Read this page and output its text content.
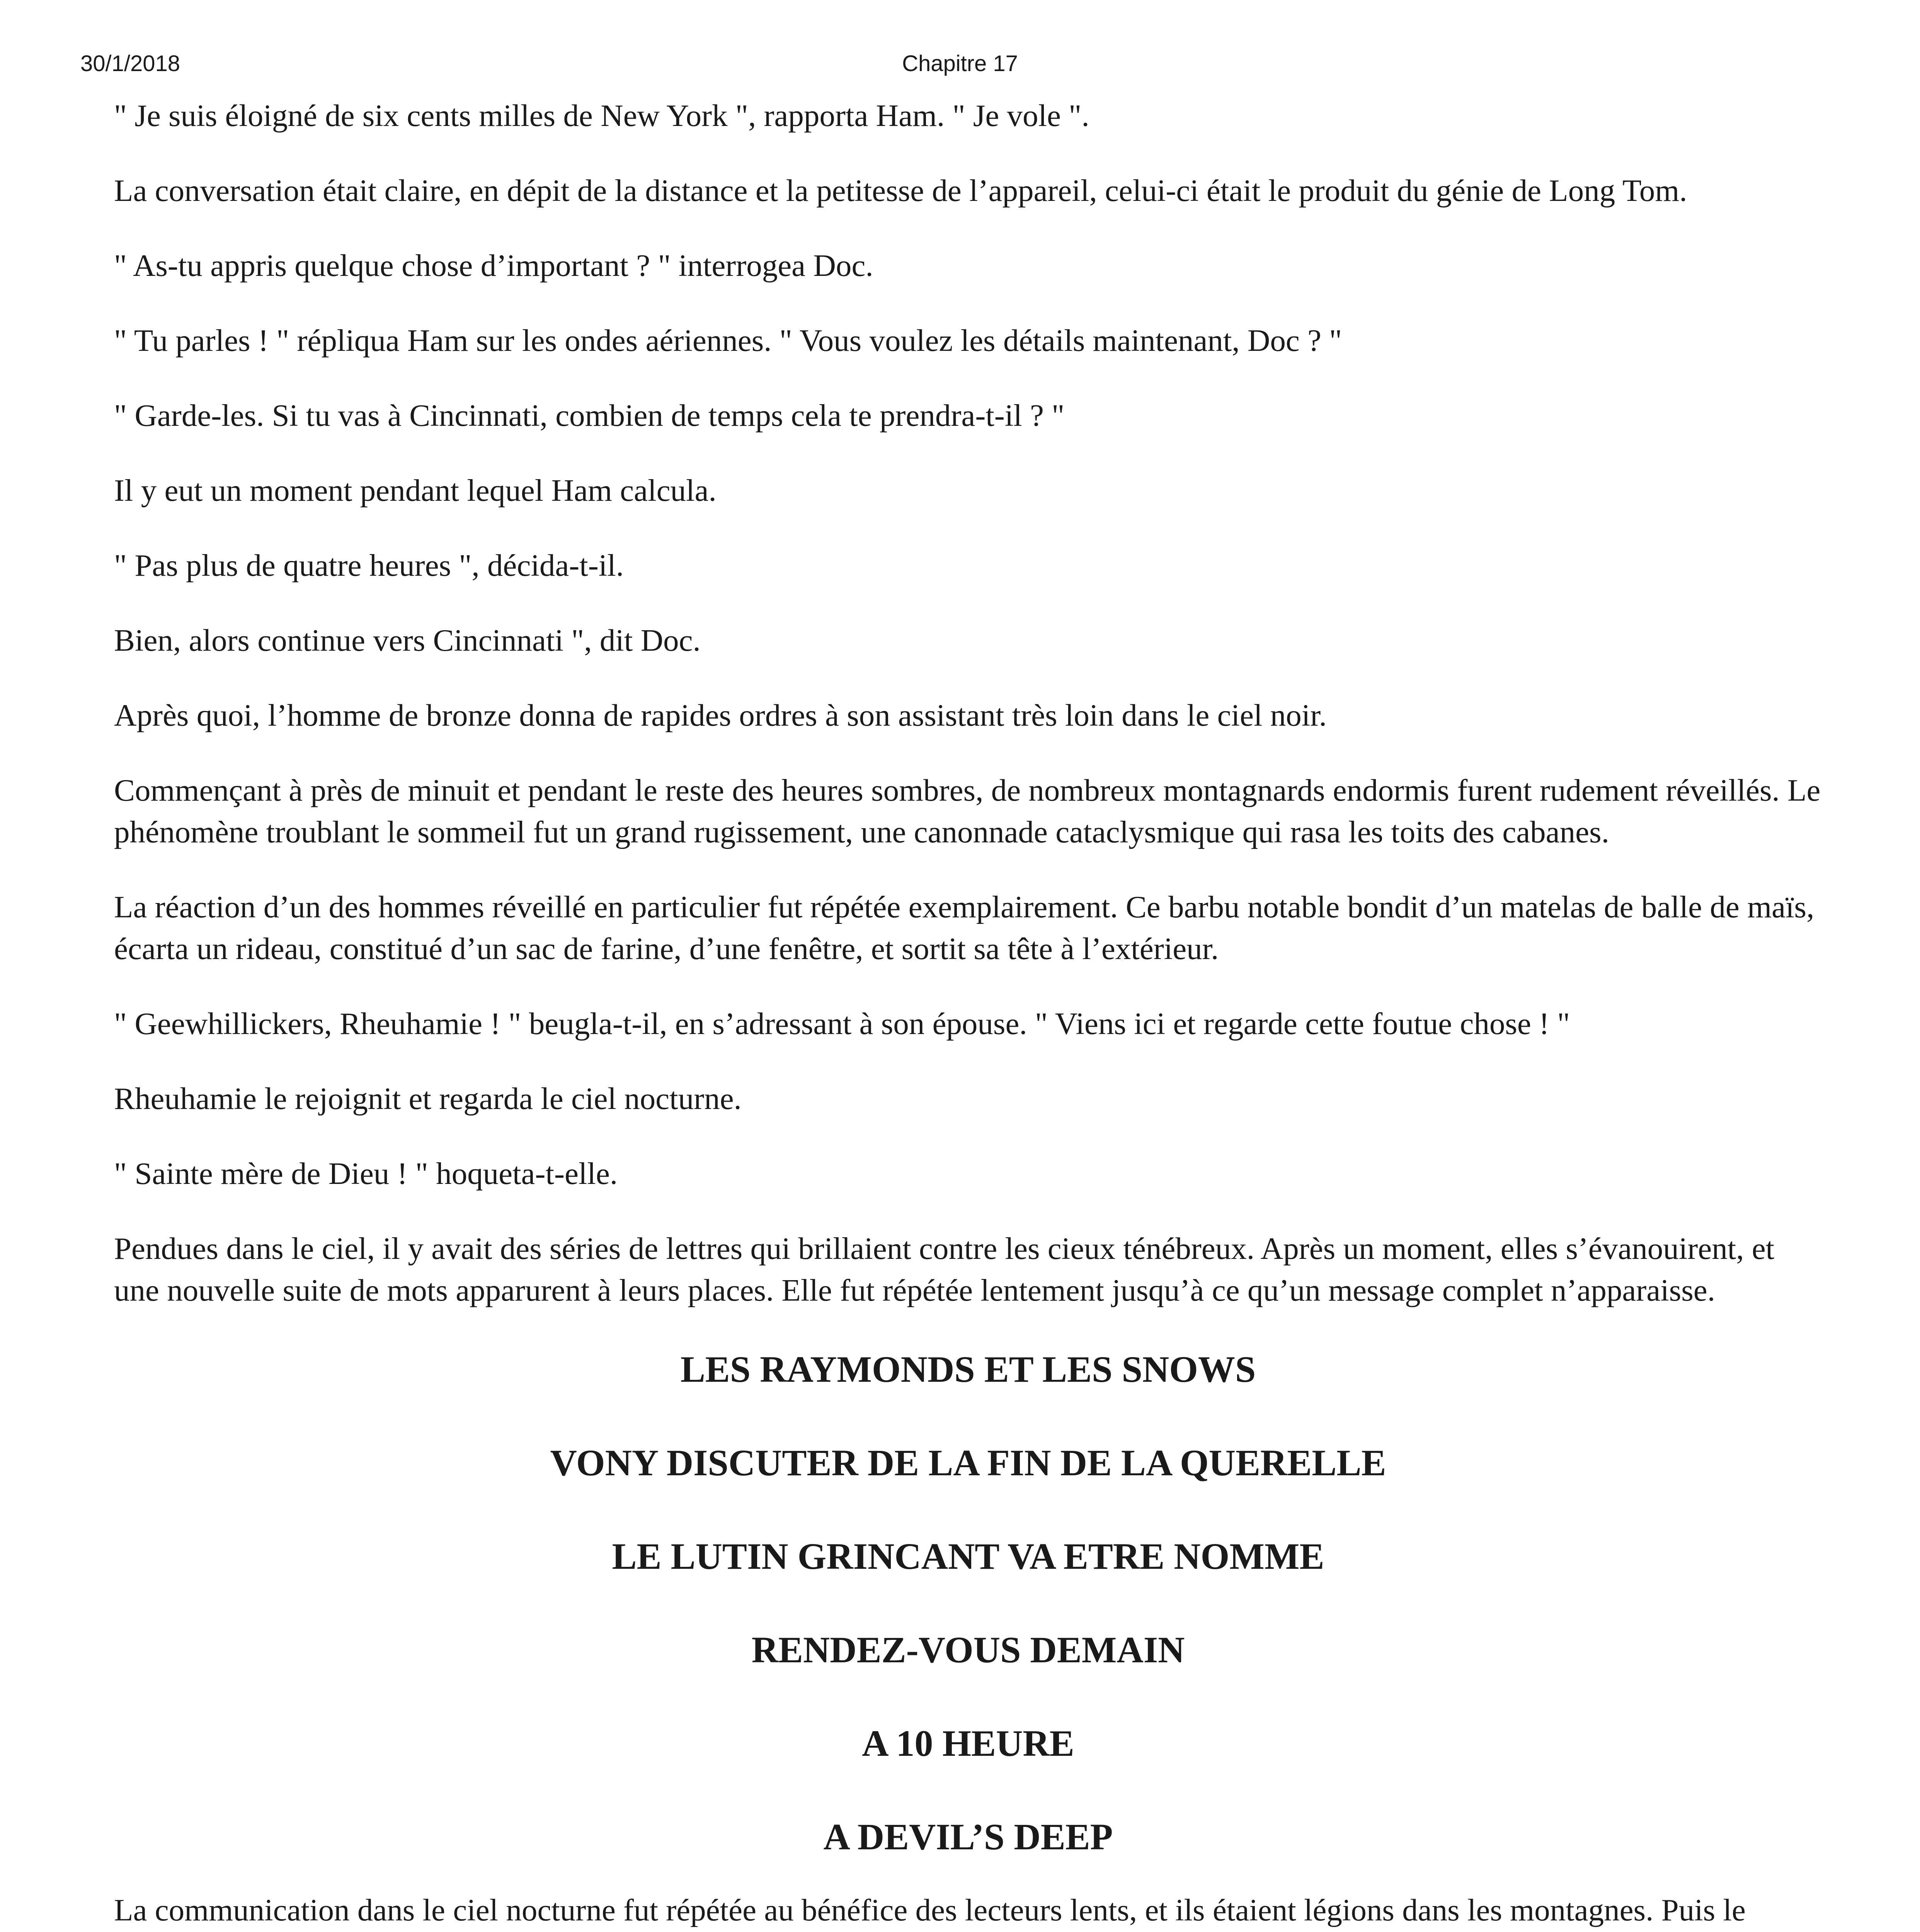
30/1/2018	Chapitre 17

" Je suis éloigné de six cents milles de New York ", rapporta Ham. " Je vole ".

La conversation était claire, en dépit de la distance et la petitesse de l’appareil, celui-ci était le produit du génie de Long Tom.

" As-tu appris quelque chose d’important ? " interrogea Doc.

" Tu parles ! " répliqua Ham sur les ondes aériennes. " Vous voulez les détails maintenant, Doc ? "

" Garde-les. Si tu vas à Cincinnati, combien de temps cela te prendra-t-il ? "

Il y eut un moment pendant lequel Ham calcula.

" Pas plus de quatre heures ", décida-t-il.

Bien, alors continue vers Cincinnati ", dit Doc.

Après quoi, l’homme de bronze donna de rapides ordres à son assistant très loin dans le ciel noir.

Commençant à près de minuit et pendant le reste des heures sombres, de nombreux montagnards endormis furent rudement réveillés. Le phénomène troublant le sommeil fut un grand rugissement, une canonnade cataclysmique qui rasa les toits des cabanes.

La réaction d’un des hommes réveillé en particulier fut répétée exemplairement. Ce barbu notable bondit d’un matelas de balle de maïs, écarta un rideau, constitué d’un sac de farine, d’une fenêtre, et sortit sa tête à l’extérieur.

" Geewhillickers, Rheuhamie ! " beugla-t-il, en s’adressant à son épouse. " Viens ici et regarde cette foutue chose ! "

Rheuhamie le rejoignit et regarda le ciel nocturne.

" Sainte mère de Dieu ! " hoqueta-t-elle.

Pendues dans le ciel, il y avait des séries de lettres qui brillaient contre les cieux ténébreux. Après un moment, elles s’évanouirent, et une nouvelle suite de mots apparurent à leurs places. Elle fut répétée lentement jusqu’à ce qu’un message complet n’apparaisse.

LES RAYMONDS ET LES SNOWS
VONY DISCUTER DE LA FIN DE LA QUERELLE
LE LUTIN GRINCANT VA ETRE NOMME
RENDEZ-VOUS DEMAIN
A 10 HEURE
A DEVIL’S DEEP

La communication dans le ciel nocturne fut répétée au bénéfice des lecteurs lents, et ils étaient légions dans les montagnes. Puis le
